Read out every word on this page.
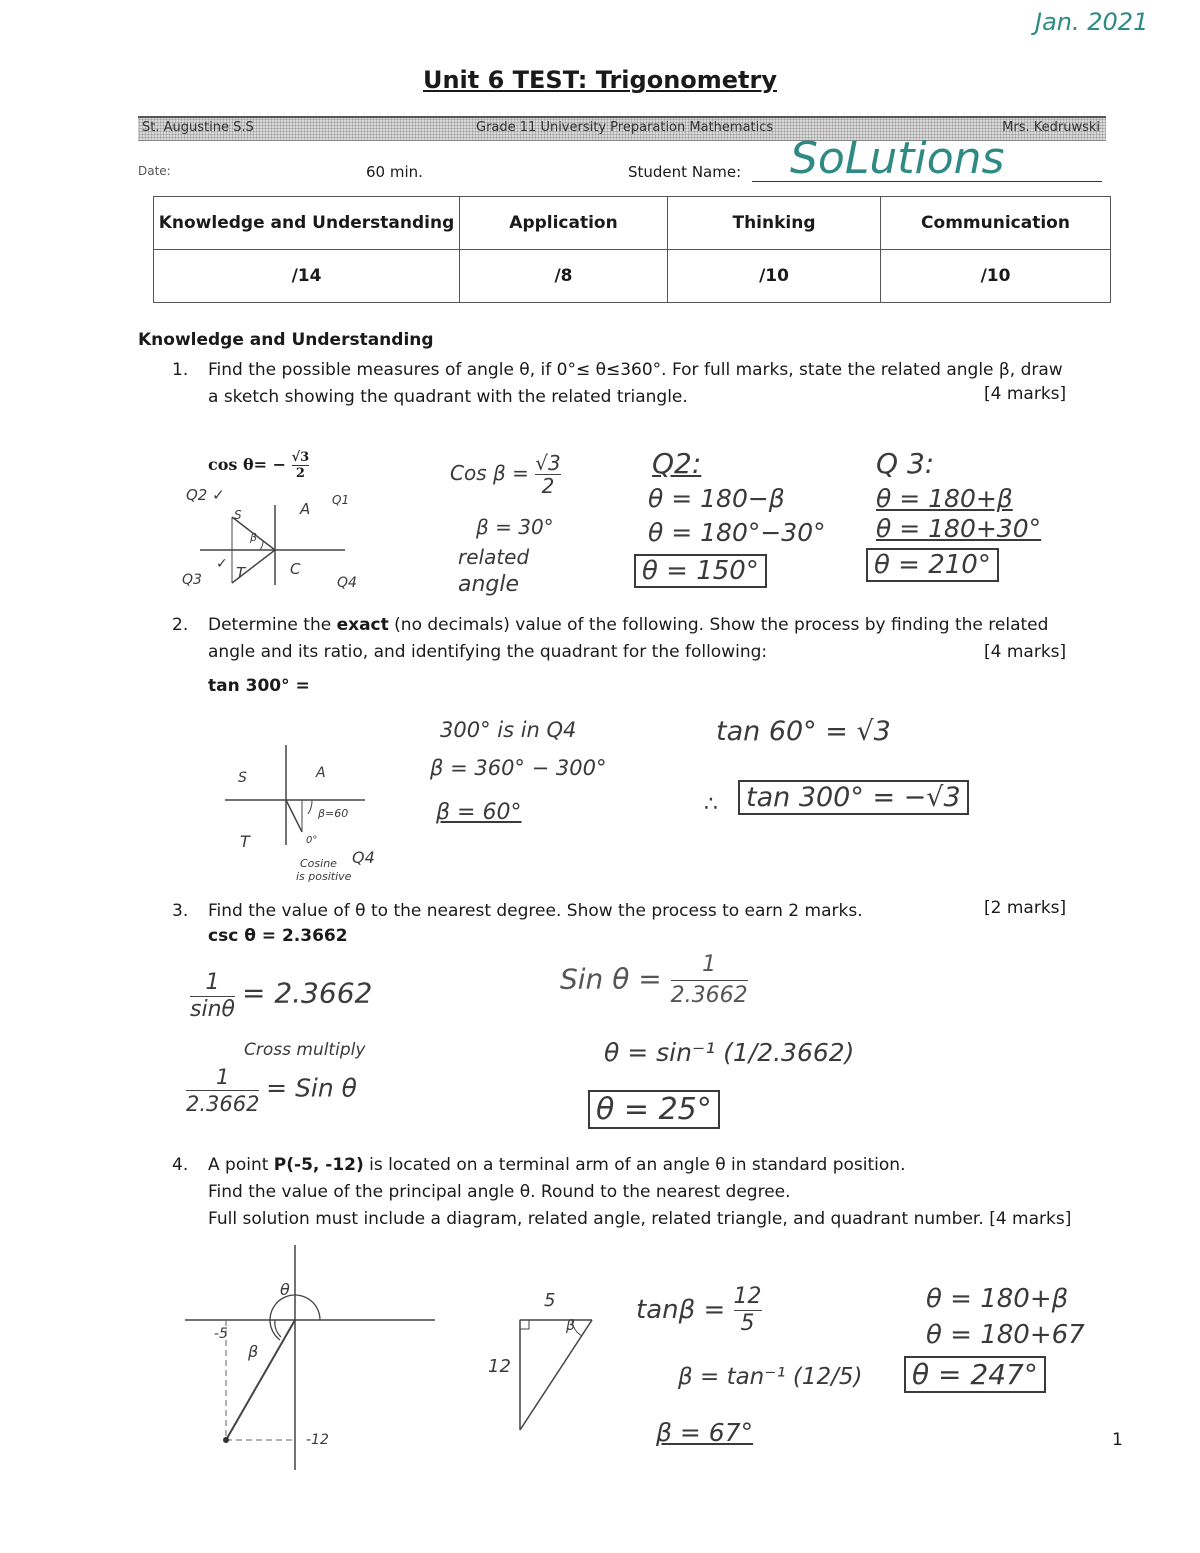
Jan. 2021
Unit 6 TEST: Trigonometry
St. Augustine S.S	Grade 11 University Preparation Mathematics	Mrs. Kedruwski
Date:	60 min.	Student Name: SoLutions
Knowledge and Understanding	Application	Thinking	Communication
/14	/8	/10	/10
Knowledge and Understanding
1. Find the possible measures of angle θ, if 0°≤ θ≤360°. For full marks, state the related angle β, draw
a sketch showing the quadrant with the related triangle.	[4 marks]
$\cos \theta= - \frac{√3}{2}$
Q2 ✓
A Q1
S
β
T	C
Q3	Q4
✓
Cos $\beta = \frac{√3}{2}$
β = 30°
related
angle
Q2:
θ = 180−β
θ = 180°−30°
θ = 150°
Q 3:
θ = 180+β
θ = 180+30°
θ = 210°
2. Determine the exact (no decimals) value of the following. Show the process by finding the related
angle and its ratio, and identifying the quadrant for the following:	[4 marks]
tan 300° =
S	A
T
β=60
0°
Cosine
is positive
Q4
300° is in Q4
β = 360° − 300°
β = 60°
tan 60° = √3
∴ tan 300° = −√3
3. Find the value of θ to the nearest degree. Show the process to earn 2 marks.	[2 marks]
csc θ = 2.3662
$\frac{1}{\sin\theta} = 2.3662$
Cross multiply
$\frac{1}{2.3662}$ = Sin θ
Sin $\theta = \frac{1}{2.3662}$
θ = sin⁻¹ (1/2.3662)
θ = 25°
4. A point P(-5, -12) is located on a terminal arm of an angle θ in standard position.
Find the value of the principal angle θ. Round to the nearest degree.
Full solution must include a diagram, related angle, related triangle, and quadrant number. [4 marks]
θ
-5
β
-12
5
12
β
$\tan\beta = \frac{12}{5}$
β = tan⁻¹ (12/5)
β = 67°
θ = 180+β
θ = 180+67
θ = 247°
1
